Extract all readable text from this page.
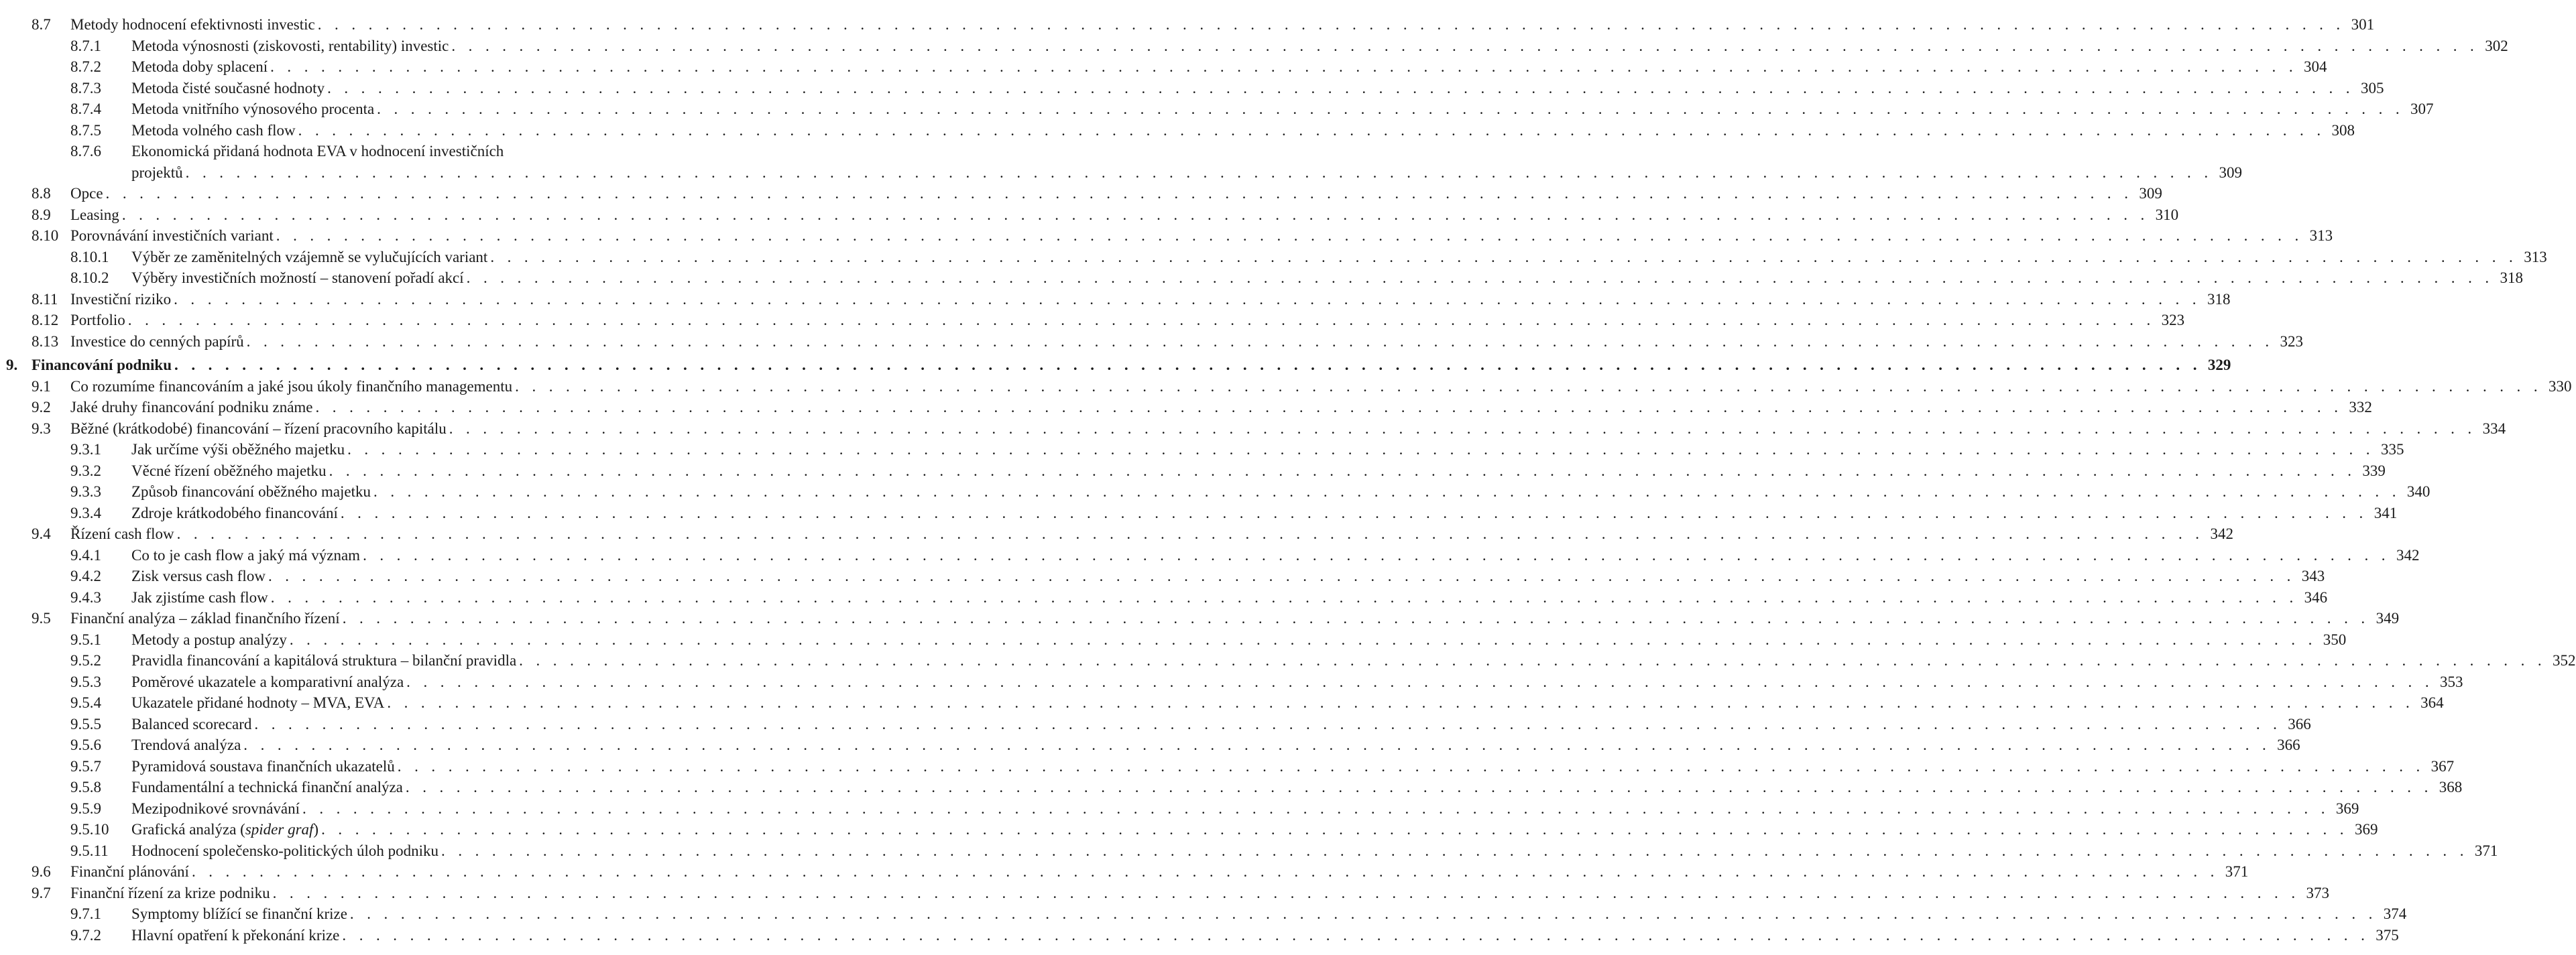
8.7 Metody hodnocení efektivnosti investic . . . . . . . . . . . . . . . . . . . . . . . . . . . . . . . . . . . . . . . . . . . . . . . . . . . . . . . . . . . . . . . . . . . . . . . . . . . . . . . . . . . . . . . . . . . . . . . . . . . . . . . . . . . . . . . . . . . . . . . . 301
8.7.1 Metoda výnosnosti (ziskovosti, rentability) investic . . . . . . . . . . . . . . . . . . . . . . . . . . . . . . . . . . . . . . . . . . . . . . . . . . . . . . . . . . . . . . . . . . . . . . . . . . . . . . . . . . . . . . . . . . . . . . . . . . . . . . . . . . . . . . . . . . . . . . . . 302
8.7.2 Metoda doby splacení . . . . . . . . . . . . . . . . . . . . . . . . . . . . . . . . . . . . . . . . . . . . . . . . . . . . . . . . . . . . . . . . . . . . . . . . . . . . . . . . . . . . . . . . . . . . . . . . . . . . . . . . . . . . . . . . . . . . . . . . 304
8.7.3 Metoda čisté současné hodnoty . . . . . . . . . . . . . . . . . . . . . . . . . . . . . . . . . . . . . . . . . . . . . . . . . . . . . . . . . . . . . . . . . . . . . . . . . . . . . . . . . . . . . . . . . . . . . . . . . . . . . . . . . . . . . . . . . . . . . . . . 305
8.7.4 Metoda vnitřního výnosového procenta . . . . . . . . . . . . . . . . . . . . . . . . . . . . . . . . . . . . . . . . . . . . . . . . . . . . . . . . . . . . . . . . . . . . . . . . . . . . . . . . . . . . . . . . . . . . . . . . . . . . . . . . . . . . . . . . . . . . . . . . 307
8.7.5 Metoda volného cash flow . . . . . . . . . . . . . . . . . . . . . . . . . . . . . . . . . . . . . . . . . . . . . . . . . . . . . . . . . . . . . . . . . . . . . . . . . . . . . . . . . . . . . . . . . . . . . . . . . . . . . . . . . . . . . . . . . . . . . . . . 308
8.7.6 Ekonomická přidaná hodnota EVA v hodnocení investičních
projektů . . . . . . . . . . . . . . . . . . . . . . . . . . . . . . . . . . . . . . . . . . . . . . . . . . . . . . . . . . . . . . . . . . . . . . . . . . . . . . . . . . . . . . . . . . . . . . . . . . . . . . . . . . . . . . . . . . . . . . . . 309
8.8 Opce . . . . . . . . . . . . . . . . . . . . . . . . . . . . . . . . . . . . . . . . . . . . . . . . . . . . . . . . . . . . . . . . . . . . . . . . . . . . . . . . . . . . . . . . . . . . . . . . . . . . . . . . . . . . . . . . . . . . . . . . 309
8.9 Leasing . . . . . . . . . . . . . . . . . . . . . . . . . . . . . . . . . . . . . . . . . . . . . . . . . . . . . . . . . . . . . . . . . . . . . . . . . . . . . . . . . . . . . . . . . . . . . . . . . . . . . . . . . . . . . . . . . . . . . . . . 310
8.10 Porovnávání investičních variant . . . . . . . . . . . . . . . . . . . . . . . . . . . . . . . . . . . . . . . . . . . . . . . . . . . . . . . . . . . . . . . . . . . . . . . . . . . . . . . . . . . . . . . . . . . . . . . . . . . . . . . . . . . . . . . . . . . . . . . . 313
8.10.1 Výběr ze zaměnitelných vzájemně se vylučujících variant . . . . . . . . . . . . . . . . . . . . . . . . . . . . . . . . . . . . . . . . . . . . . . . . . . . . . . . . . . . . . . . . . . . . . . . . . . . . . . . . . . . . . . . . . . . . . . . . . . . . . . . . . . . . . . . . . . . . . . . . 313
8.10.2 Výběry investičních možností – stanovení pořadí akcí . . . . . . . . . . . . . . . . . . . . . . . . . . . . . . . . . . . . . . . . . . . . . . . . . . . . . . . . . . . . . . . . . . . . . . . . . . . . . . . . . . . . . . . . . . . . . . . . . . . . . . . . . . . . . . . . . . . . . . . . 318
8.11 Investiční riziko . . . . . . . . . . . . . . . . . . . . . . . . . . . . . . . . . . . . . . . . . . . . . . . . . . . . . . . . . . . . . . . . . . . . . . . . . . . . . . . . . . . . . . . . . . . . . . . . . . . . . . . . . . . . . . . . . . . . . . . . 318
8.12 Portfolio . . . . . . . . . . . . . . . . . . . . . . . . . . . . . . . . . . . . . . . . . . . . . . . . . . . . . . . . . . . . . . . . . . . . . . . . . . . . . . . . . . . . . . . . . . . . . . . . . . . . . . . . . . . . . . . . . . . . . . . . 323
8.13 Investice do cenných papírů . . . . . . . . . . . . . . . . . . . . . . . . . . . . . . . . . . . . . . . . . . . . . . . . . . . . . . . . . . . . . . . . . . . . . . . . . . . . . . . . . . . . . . . . . . . . . . . . . . . . . . . . . . . . . . . . . . . . . . . . 323
9. Financování podniku . . . . . . . . . . . . . . . . . . . . . . . . . . . . . . . . . . . . . . . . . . . . . . . . . . . . . . . . . . . . . . . . . . . . . . . . . . . . . . . . . . . . . . . . . . . . . . . . . . . . . . . . . . . . . . . . . . . . . . . . 329
9.1 Co rozumíme financováním a jaké jsou úkoly finančního managementu . . . . . . . . . . . . . . . . . . . . . . . . . . . . . . . . . . . . . . . . . . . . . . . . . . . . . . . . . . . . . . . . . . . . . . . . . . . . . . . . . . . . . . . . . . . . . . . . . . . . . . . . . . . . . . . . . . . . . . . . 330
9.2 Jaké druhy financování podniku známe . . . . . . . . . . . . . . . . . . . . . . . . . . . . . . . . . . . . . . . . . . . . . . . . . . . . . . . . . . . . . . . . . . . . . . . . . . . . . . . . . . . . . . . . . . . . . . . . . . . . . . . . . . . . . . . . . . . . . . . . 332
9.3 Běžné (krátkodobé) financování – řízení pracovního kapitálu . . . . . . . . . . . . . . . . . . . . . . . . . . . . . . . . . . . . . . . . . . . . . . . . . . . . . . . . . . . . . . . . . . . . . . . . . . . . . . . . . . . . . . . . . . . . . . . . . . . . . . . . . . . . . . . . . . . . . . . . 334
9.3.1 Jak určíme výši oběžného majetku . . . . . . . . . . . . . . . . . . . . . . . . . . . . . . . . . . . . . . . . . . . . . . . . . . . . . . . . . . . . . . . . . . . . . . . . . . . . . . . . . . . . . . . . . . . . . . . . . . . . . . . . . . . . . . . . . . . . . . . . 335
9.3.2 Věcné řízení oběžného majetku . . . . . . . . . . . . . . . . . . . . . . . . . . . . . . . . . . . . . . . . . . . . . . . . . . . . . . . . . . . . . . . . . . . . . . . . . . . . . . . . . . . . . . . . . . . . . . . . . . . . . . . . . . . . . . . . . . . . . . . . 339
9.3.3 Způsob financování oběžného majetku . . . . . . . . . . . . . . . . . . . . . . . . . . . . . . . . . . . . . . . . . . . . . . . . . . . . . . . . . . . . . . . . . . . . . . . . . . . . . . . . . . . . . . . . . . . . . . . . . . . . . . . . . . . . . . . . . . . . . . . . 340
9.3.4 Zdroje krátkodobého financování . . . . . . . . . . . . . . . . . . . . . . . . . . . . . . . . . . . . . . . . . . . . . . . . . . . . . . . . . . . . . . . . . . . . . . . . . . . . . . . . . . . . . . . . . . . . . . . . . . . . . . . . . . . . . . . . . . . . . . . . 341
9.4 Řízení cash flow . . . . . . . . . . . . . . . . . . . . . . . . . . . . . . . . . . . . . . . . . . . . . . . . . . . . . . . . . . . . . . . . . . . . . . . . . . . . . . . . . . . . . . . . . . . . . . . . . . . . . . . . . . . . . . . . . . . . . . . . 342
9.4.1 Co to je cash flow a jaký má význam . . . . . . . . . . . . . . . . . . . . . . . . . . . . . . . . . . . . . . . . . . . . . . . . . . . . . . . . . . . . . . . . . . . . . . . . . . . . . . . . . . . . . . . . . . . . . . . . . . . . . . . . . . . . . . . . . . . . . . . . 342
9.4.2 Zisk versus cash flow . . . . . . . . . . . . . . . . . . . . . . . . . . . . . . . . . . . . . . . . . . . . . . . . . . . . . . . . . . . . . . . . . . . . . . . . . . . . . . . . . . . . . . . . . . . . . . . . . . . . . . . . . . . . . . . . . . . . . . . . 343
9.4.3 Jak zjistíme cash flow . . . . . . . . . . . . . . . . . . . . . . . . . . . . . . . . . . . . . . . . . . . . . . . . . . . . . . . . . . . . . . . . . . . . . . . . . . . . . . . . . . . . . . . . . . . . . . . . . . . . . . . . . . . . . . . . . . . . . . . . 346
9.5 Finanční analýza – základ finančního řízení . . . . . . . . . . . . . . . . . . . . . . . . . . . . . . . . . . . . . . . . . . . . . . . . . . . . . . . . . . . . . . . . . . . . . . . . . . . . . . . . . . . . . . . . . . . . . . . . . . . . . . . . . . . . . . . . . . . . . . . . 349
9.5.1 Metody a postup analýzy . . . . . . . . . . . . . . . . . . . . . . . . . . . . . . . . . . . . . . . . . . . . . . . . . . . . . . . . . . . . . . . . . . . . . . . . . . . . . . . . . . . . . . . . . . . . . . . . . . . . . . . . . . . . . . . . . . . . . . . . 350
9.5.2 Pravidla financování a kapitálová struktura – bilanční pravidla . . . . . . . . . . . . . . . . . . . . . . . . . . . . . . . . . . . . . . . . . . . . . . . . . . . . . . . . . . . . . . . . . . . . . . . . . . . . . . . . . . . . . . . . . . . . . . . . . . . . . . . . . . . . . . . . . . . . . . . . 352
9.5.3 Poměrové ukazatele a komparativní analýza . . . . . . . . . . . . . . . . . . . . . . . . . . . . . . . . . . . . . . . . . . . . . . . . . . . . . . . . . . . . . . . . . . . . . . . . . . . . . . . . . . . . . . . . . . . . . . . . . . . . . . . . . . . . . . . . . . . . . . . . 353
9.5.4 Ukazatele přidané hodnoty – MVA, EVA . . . . . . . . . . . . . . . . . . . . . . . . . . . . . . . . . . . . . . . . . . . . . . . . . . . . . . . . . . . . . . . . . . . . . . . . . . . . . . . . . . . . . . . . . . . . . . . . . . . . . . . . . . . . . . . . . . . . . . . . 364
9.5.5 Balanced scorecard . . . . . . . . . . . . . . . . . . . . . . . . . . . . . . . . . . . . . . . . . . . . . . . . . . . . . . . . . . . . . . . . . . . . . . . . . . . . . . . . . . . . . . . . . . . . . . . . . . . . . . . . . . . . . . . . . . . . . . . . 366
9.5.6 Trendová analýza . . . . . . . . . . . . . . . . . . . . . . . . . . . . . . . . . . . . . . . . . . . . . . . . . . . . . . . . . . . . . . . . . . . . . . . . . . . . . . . . . . . . . . . . . . . . . . . . . . . . . . . . . . . . . . . . . . . . . . . . 366
9.5.7 Pyramidová soustava finančních ukazatelů . . . . . . . . . . . . . . . . . . . . . . . . . . . . . . . . . . . . . . . . . . . . . . . . . . . . . . . . . . . . . . . . . . . . . . . . . . . . . . . . . . . . . . . . . . . . . . . . . . . . . . . . . . . . . . . . . . . . . . . . 367
9.5.8 Fundamentální a technická finanční analýza . . . . . . . . . . . . . . . . . . . . . . . . . . . . . . . . . . . . . . . . . . . . . . . . . . . . . . . . . . . . . . . . . . . . . . . . . . . . . . . . . . . . . . . . . . . . . . . . . . . . . . . . . . . . . . . . . . . . . . . . 368
9.5.9 Mezipodnikové srovnávání . . . . . . . . . . . . . . . . . . . . . . . . . . . . . . . . . . . . . . . . . . . . . . . . . . . . . . . . . . . . . . . . . . . . . . . . . . . . . . . . . . . . . . . . . . . . . . . . . . . . . . . . . . . . . . . . . . . . . . . . 369
9.5.10 Grafická analýza (spider graf) . . . . . . . . . . . . . . . . . . . . . . . . . . . . . . . . . . . . . . . . . . . . . . . . . . . . . . . . . . . . . . . . . . . . . . . . . . . . . . . . . . . . . . . . . . . . . . . . . . . . . . . . . . . . . . . . . . . . . . . . 369
9.5.11 Hodnocení společensko-politických úloh podniku . . . . . . . . . . . . . . . . . . . . . . . . . . . . . . . . . . . . . . . . . . . . . . . . . . . . . . . . . . . . . . . . . . . . . . . . . . . . . . . . . . . . . . . . . . . . . . . . . . . . . . . . . . . . . . . . . . . . . . . . 371
9.6 Finanční plánování . . . . . . . . . . . . . . . . . . . . . . . . . . . . . . . . . . . . . . . . . . . . . . . . . . . . . . . . . . . . . . . . . . . . . . . . . . . . . . . . . . . . . . . . . . . . . . . . . . . . . . . . . . . . . . . . . . . . . . . . 371
9.7 Finanční řízení za krize podniku . . . . . . . . . . . . . . . . . . . . . . . . . . . . . . . . . . . . . . . . . . . . . . . . . . . . . . . . . . . . . . . . . . . . . . . . . . . . . . . . . . . . . . . . . . . . . . . . . . . . . . . . . . . . . . . . . . . . . . . . 373
9.7.1 Symptomy blížící se finanční krize . . . . . . . . . . . . . . . . . . . . . . . . . . . . . . . . . . . . . . . . . . . . . . . . . . . . . . . . . . . . . . . . . . . . . . . . . . . . . . . . . . . . . . . . . . . . . . . . . . . . . . . . . . . . . . . . . . . . . . . . 374
9.7.2 Hlavní opatření k překonání krize . . . . . . . . . . . . . . . . . . . . . . . . . . . . . . . . . . . . . . . . . . . . . . . . . . . . . . . . . . . . . . . . . . . . . . . . . . . . . . . . . . . . . . . . . . . . . . . . . . . . . . . . . . . . . . . . . . . . . . . . 375
